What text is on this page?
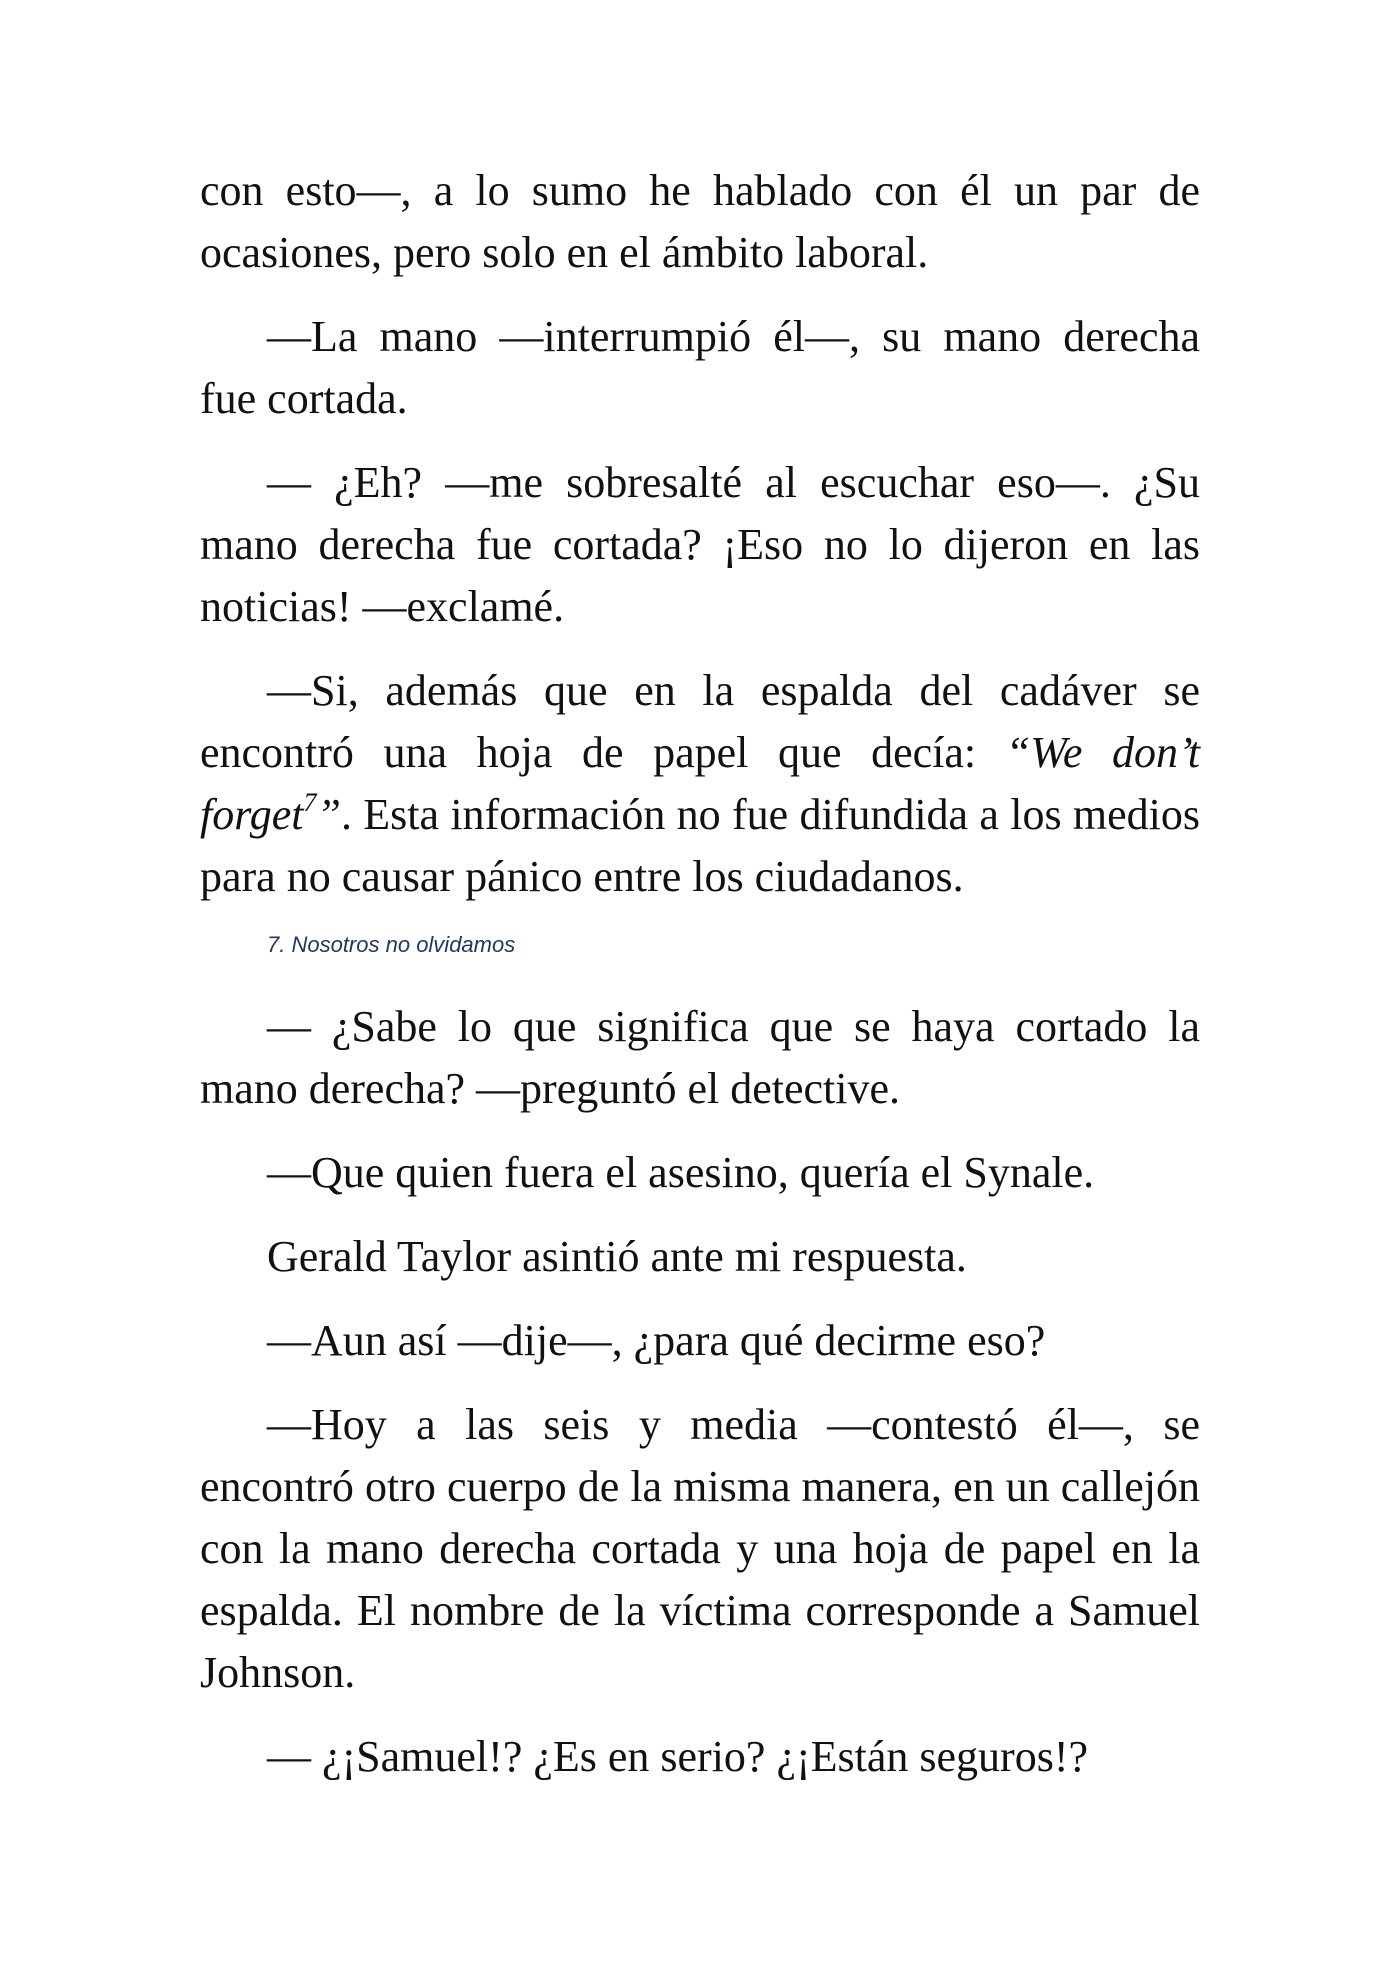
con esto—, a lo sumo he hablado con él un par de ocasiones, pero solo en el ámbito laboral.

—La mano —interrumpió él—, su mano derecha fue cortada.

— ¿Eh? —me sobresalté al escuchar eso—. ¿Su mano derecha fue cortada? ¡Eso no lo dijeron en las noticias! —exclamé.

—Si, además que en la espalda del cadáver se encontró una hoja de papel que decía: “We don’t forget$^7$”. Esta información no fue difundida a los medios para no causar pánico entre los ciudadanos.

7. Nosotros no olvidamos

— ¿Sabe lo que significa que se haya cortado la mano derecha? —preguntó el detective.

—Que quien fuera el asesino, quería el Synale.

Gerald Taylor asintió ante mi respuesta.

—Aun así —dije—, ¿para qué decirme eso?

—Hoy a las seis y media —contestó él—, se encontró otro cuerpo de la misma manera, en un callejón con la mano derecha cortada y una hoja de papel en la espalda. El nombre de la víctima corresponde a Samuel Johnson.

— ¿¡Samuel!? ¿Es en serio? ¿¡Están seguros!?
